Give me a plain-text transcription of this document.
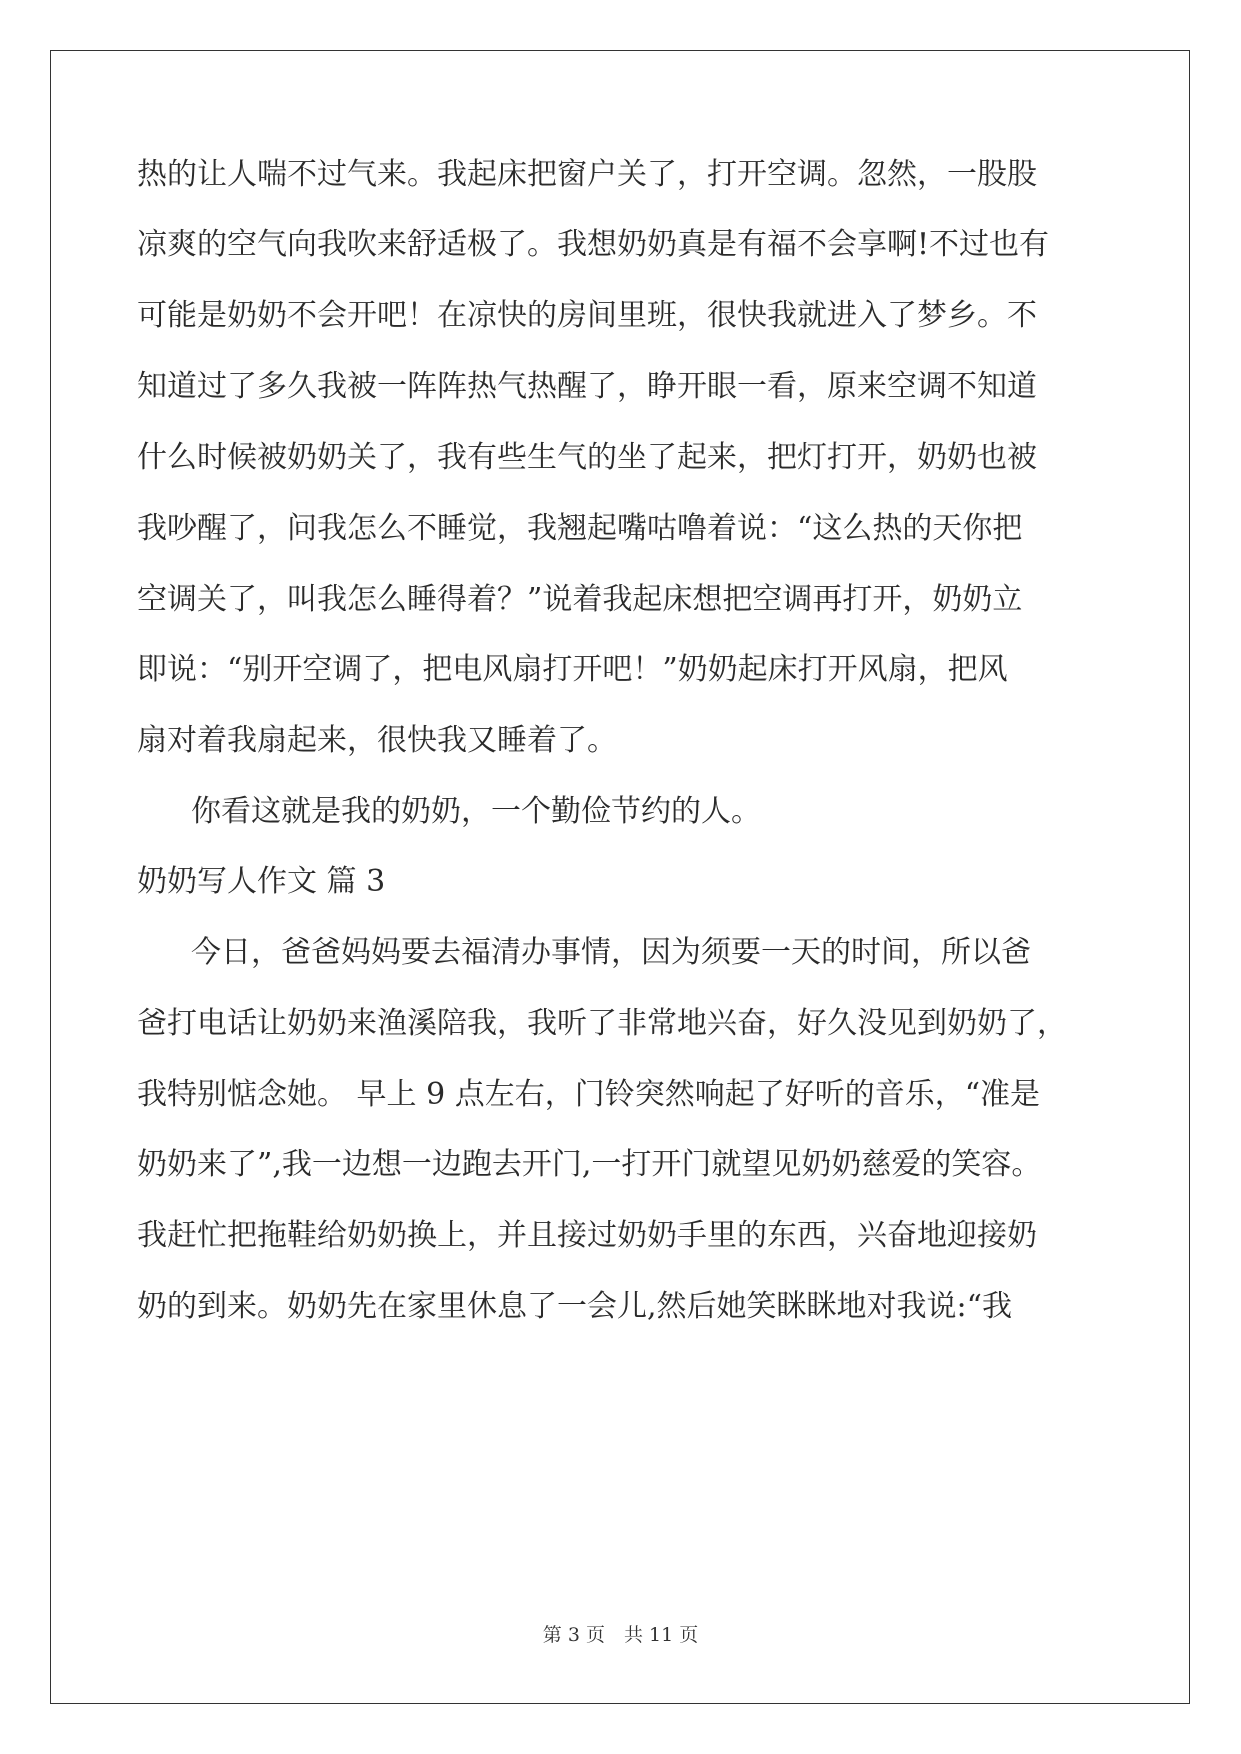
热的让人喘不过气来。我起床把窗户关了，打开空调。忽然，一股股
凉爽的空气向我吹来舒适极了。我想奶奶真是有福不会享啊!不过也有
可能是奶奶不会开吧！在凉快的房间里班，很快我就进入了梦乡。不
知道过了多久我被一阵阵热气热醒了，睁开眼一看，原来空调不知道
什么时候被奶奶关了，我有些生气的坐了起来，把灯打开，奶奶也被
我吵醒了，问我怎么不睡觉，我翘起嘴咕噜着说：“这么热的天你把
空调关了，叫我怎么睡得着？”说着我起床想把空调再打开，奶奶立
即说：“别开空调了，把电风扇打开吧！”奶奶起床打开风扇，把风
扇对着我扇起来，很快我又睡着了。
你看这就是我的奶奶，一个勤俭节约的人。
奶奶写人作文 篇 3
今日，爸爸妈妈要去福清办事情，因为须要一天的时间，所以爸
爸打电话让奶奶来渔溪陪我，我听了非常地兴奋，好久没见到奶奶了，
我特别惦念她。 早上 9 点左右，门铃突然响起了好听的音乐，“准是
奶奶来了”,我一边想一边跑去开门,一打开门就望见奶奶慈爱的笑容。
我赶忙把拖鞋给奶奶换上，并且接过奶奶手里的东西，兴奋地迎接奶
奶的到来。奶奶先在家里休息了一会儿,然后她笑眯眯地对我说:“我
第 3 页　共 11 页
